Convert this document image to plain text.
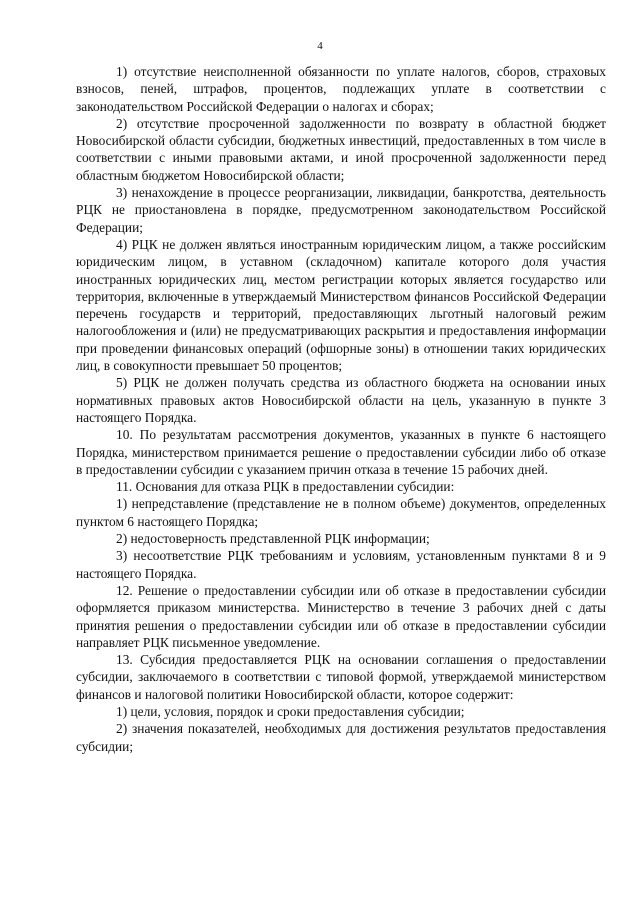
4

1) отсутствие неисполненной обязанности по уплате налогов, сборов, страховых взносов, пеней, штрафов, процентов, подлежащих уплате в соответствии с законодательством Российской Федерации о налогах и сборах;

2) отсутствие просроченной задолженности по возврату в областной бюджет Новосибирской области субсидии, бюджетных инвестиций, предоставленных в том числе в соответствии с иными правовыми актами, и иной просроченной задолженности перед областным бюджетом Новосибирской области;

3) ненахождение в процессе реорганизации, ликвидации, банкротства, деятельность РЦК не приостановлена в порядке, предусмотренном законодательством Российской Федерации;

4) РЦК не должен являться иностранным юридическим лицом, а также российским юридическим лицом, в уставном (складочном) капитале которого доля участия иностранных юридических лиц, местом регистрации которых является государство или территория, включенные в утверждаемый Министерством финансов Российской Федерации перечень государств и территорий, предоставляющих льготный налоговый режим налогообложения и (или) не предусматривающих раскрытия и предоставления информации при проведении финансовых операций (офшорные зоны) в отношении таких юридических лиц, в совокупности превышает 50 процентов;

5) РЦК не должен получать средства из областного бюджета на основании иных нормативных правовых актов Новосибирской области на цель, указанную в пункте 3 настоящего Порядка.

10. По результатам рассмотрения документов, указанных в пункте 6 настоящего Порядка, министерством принимается решение о предоставлении субсидии либо об отказе в предоставлении субсидии с указанием причин отказа в течение 15 рабочих дней.

11. Основания для отказа РЦК в предоставлении субсидии:

1) непредставление (представление не в полном объеме) документов, определенных пунктом 6 настоящего Порядка;

2) недостоверность представленной РЦК информации;

3) несоответствие РЦК требованиям и условиям, установленным пунктами 8 и 9 настоящего Порядка.

12. Решение о предоставлении субсидии или об отказе в предоставлении субсидии оформляется приказом министерства. Министерство в течение 3 рабочих дней с даты принятия решения о предоставлении субсидии или об отказе в предоставлении субсидии направляет РЦК письменное уведомление.

13. Субсидия предоставляется РЦК на основании соглашения о предоставлении субсидии, заключаемого в соответствии с типовой формой, утверждаемой министерством финансов и налоговой политики Новосибирской области, которое содержит:

1) цели, условия, порядок и сроки предоставления субсидии;

2) значения показателей, необходимых для достижения результатов предоставления субсидии;
